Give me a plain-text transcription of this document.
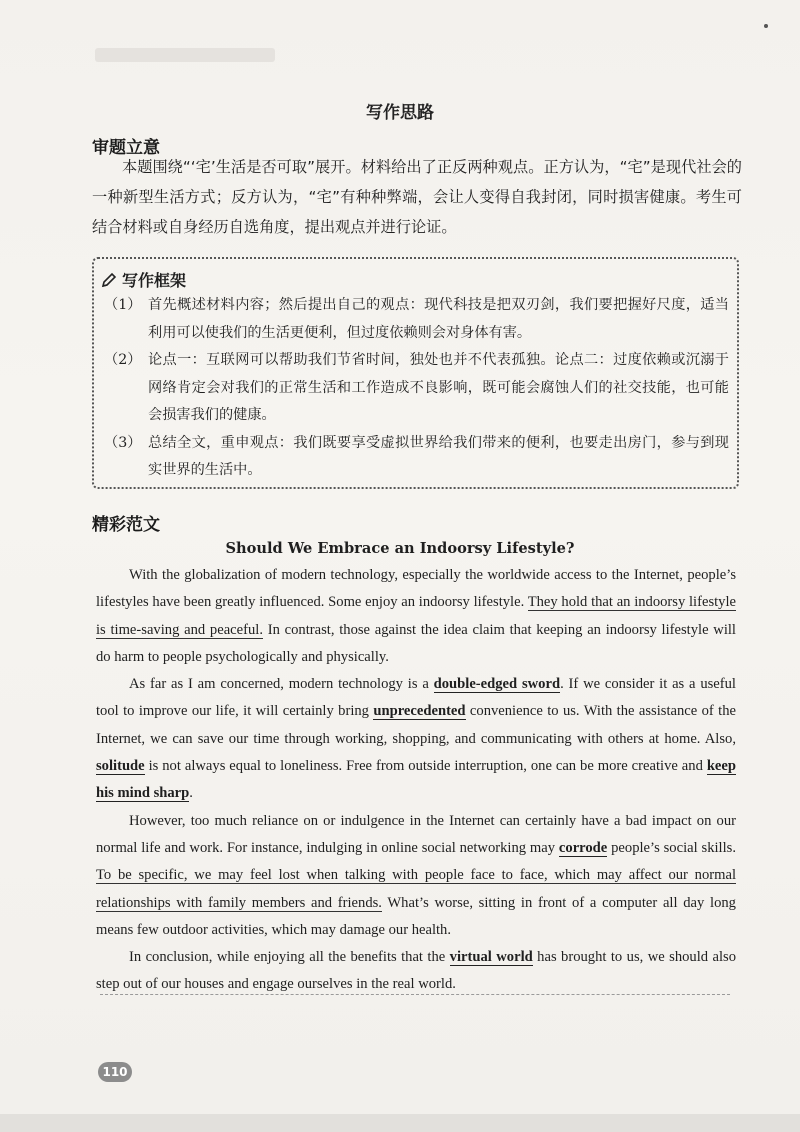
写作思路
审题立意
本题围绕“‘宅’生活是否可取”展开。材料给出了正反两种观点。正方认为，“宅”是现代社会的一种新型生活方式；反方认为，“宅”有种种弊端，会让人变得自我封闭，同时损害健康。考生可结合材料或自身经历自选角度，提出观点并进行论证。
写作框架
（1） 首先概述材料内容；然后提出自己的观点：现代科技是把双刃剑，我们要把握好尺度，适当利用可以使我们的生活更便利，但过度依赖则会对身体有害。
（2） 论点一：互联网可以帮助我们节省时间，独处也并不代表孤独。论点二：过度依赖或沉溺于网络肯定会对我们的正常生活和工作造成不良影响，既可能会腐蚀人们的社交技能，也可能会损害我们的健康。
（3） 总结全文，重申观点：我们既要享受虚拟世界给我们带来的便利，也要走出房门，参与到现实世界的生活中。
精彩范文
Should We Embrace an Indoorsy Lifestyle?

With the globalization of modern technology, especially the worldwide access to the Internet, people’s lifestyles have been greatly influenced. Some enjoy an indoorsy lifestyle. They hold that an indoorsy lifestyle is time-saving and peaceful. In contrast, those against the idea claim that keeping an indoorsy lifestyle will do harm to people psychologically and physically.

As far as I am concerned, modern technology is a double-edged sword. If we consider it as a useful tool to improve our life, it will certainly bring unprecedented convenience to us. With the assistance of the Internet, we can save our time through working, shopping, and communicating with others at home. Also, solitude is not always equal to loneliness. Free from outside interruption, one can be more creative and keep his mind sharp.

However, too much reliance on or indulgence in the Internet can certainly have a bad impact on our normal life and work. For instance, indulging in online social networking may corrode people’s social skills. To be specific, we may feel lost when talking with people face to face, which may affect our normal relationships with family members and friends. What’s worse, sitting in front of a computer all day long means few outdoor activities, which may damage our health.

In conclusion, while enjoying all the benefits that the virtual world has brought to us, we should also step out of our houses and engage ourselves in the real world.

110
